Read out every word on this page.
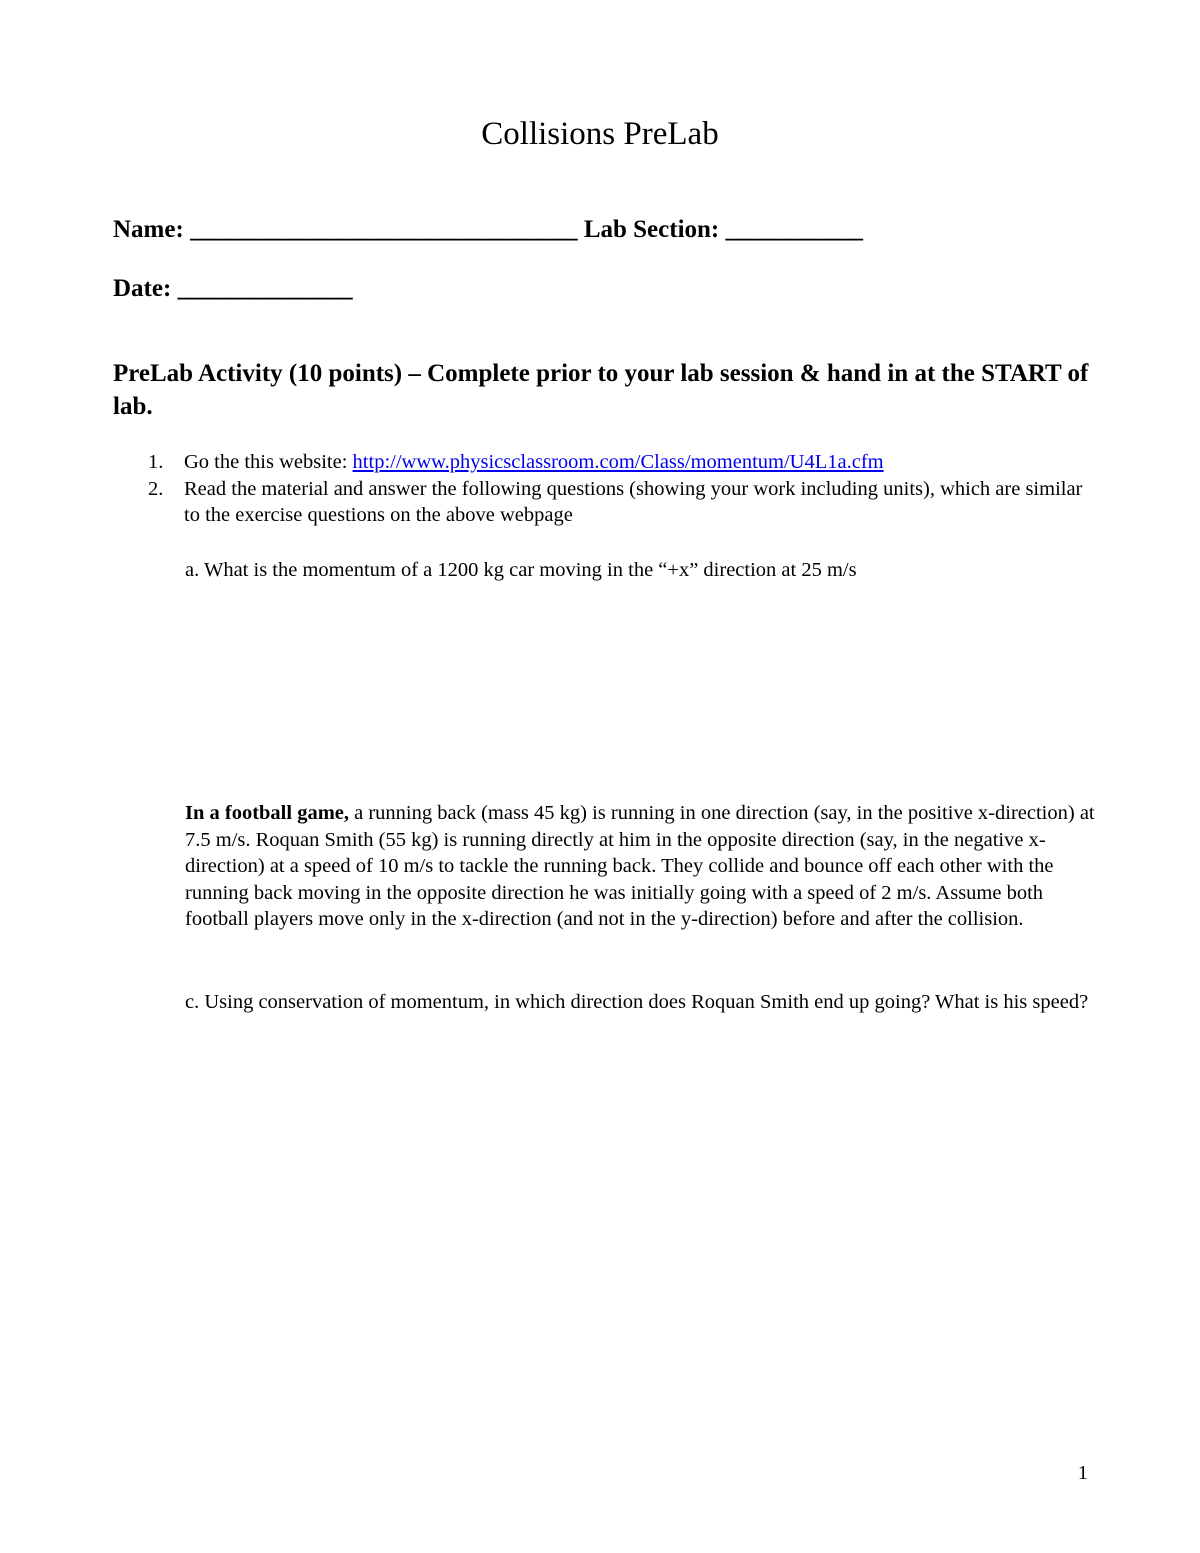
Collisions PreLab
Name: _______________________________ Lab Section: ___________
Date: ______________
PreLab Activity (10 points) – Complete prior to your lab session & hand in at the START of lab.
1. Go the this website: http://www.physicsclassroom.com/Class/momentum/U4L1a.cfm
2. Read the material and answer the following questions (showing your work including units), which are similar to the exercise questions on the above webpage
a. What is the momentum of a 1200 kg car moving in the “+x” direction at 25 m/s
In a football game, a running back (mass 45 kg) is running in one direction (say, in the positive x-direction) at 7.5 m/s. Roquan Smith (55 kg) is running directly at him in the opposite direction (say, in the negative x-direction) at a speed of 10 m/s to tackle the running back. They collide and bounce off each other with the running back moving in the opposite direction he was initially going with a speed of 2 m/s. Assume both football players move only in the x-direction (and not in the y-direction) before and after the collision.
c. Using conservation of momentum, in which direction does Roquan Smith end up going? What is his speed?
1
